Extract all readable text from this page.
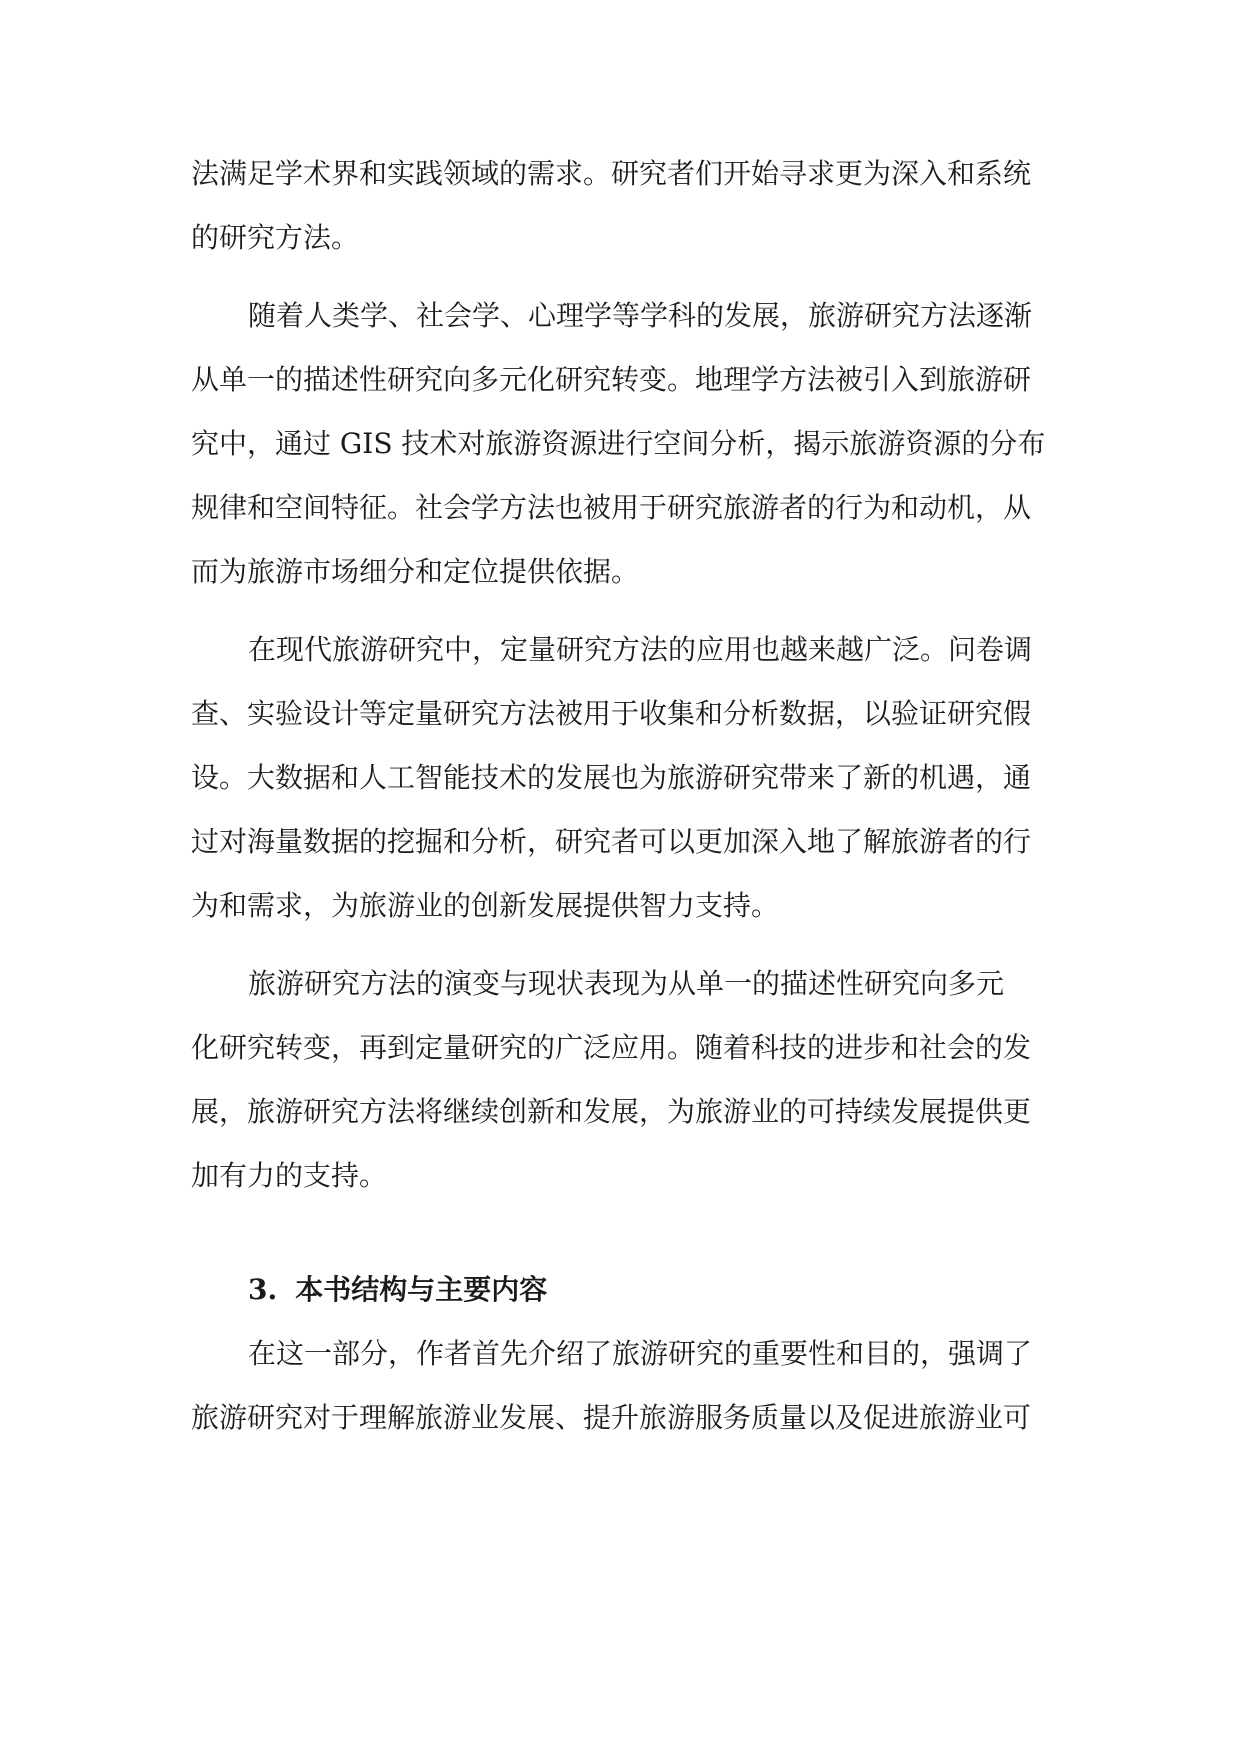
法满足学术界和实践领域的需求。研究者们开始寻求更为深入和系统
的研究方法。
随着人类学、社会学、心理学等学科的发展，旅游研究方法逐渐
从单一的描述性研究向多元化研究转变。地理学方法被引入到旅游研
究中，通过 GIS 技术对旅游资源进行空间分析，揭示旅游资源的分布
规律和空间特征。社会学方法也被用于研究旅游者的行为和动机，从
而为旅游市场细分和定位提供依据。
在现代旅游研究中，定量研究方法的应用也越来越广泛。问卷调
查、实验设计等定量研究方法被用于收集和分析数据，以验证研究假
设。大数据和人工智能技术的发展也为旅游研究带来了新的机遇，通
过对海量数据的挖掘和分析，研究者可以更加深入地了解旅游者的行
为和需求，为旅游业的创新发展提供智力支持。
旅游研究方法的演变与现状表现为从单一的描述性研究向多元
化研究转变，再到定量研究的广泛应用。随着科技的进步和社会的发
展，旅游研究方法将继续创新和发展，为旅游业的可持续发展提供更
加有力的支持。
3. 本书结构与主要内容
在这一部分，作者首先介绍了旅游研究的重要性和目的，强调了
旅游研究对于理解旅游业发展、提升旅游服务质量以及促进旅游业可
